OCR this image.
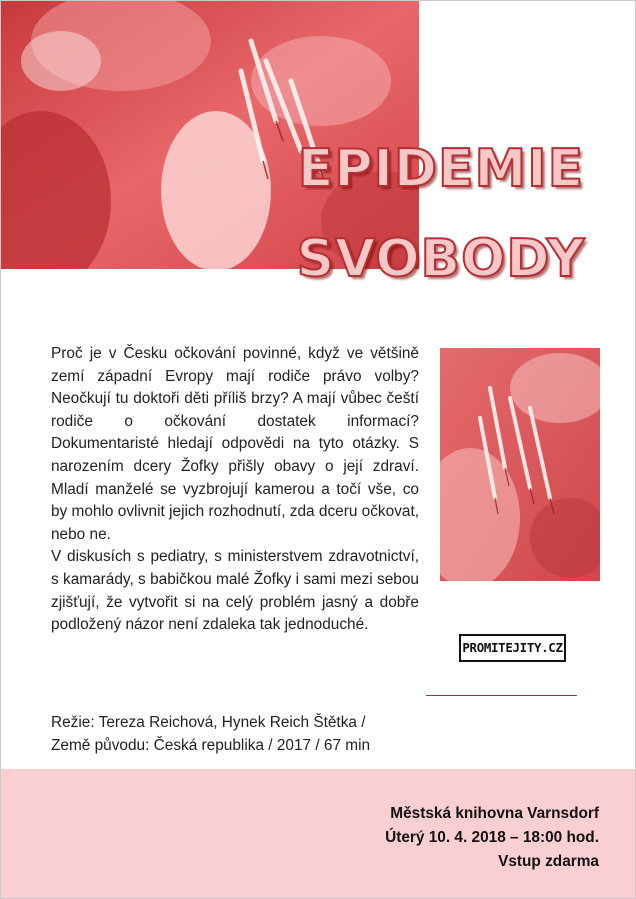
EPIDEMIE
SVOBODY

Proč je v Česku očkování povinné, když ve většině zemí západní Evropy mají rodiče právo volby? Neočkují tu doktoři děti příliš brzy? A mají vůbec čeští rodiče o očkování dostatek informací? Dokumentaristé hledají odpovědi na tyto otázky. S narozením dcery Žofky přišly obavy o její zdraví. Mladí manželé se vyzbrojují kamerou a točí vše, co by mohlo ovlivnit jejich rozhodnutí, zda dceru očkovat, nebo ne.

V diskusích s pediatry, s ministerstvem zdravotnictví, s kamarády, s babičkou malé Žofky i sami mezi sebou zjišťují, že vytvořit si na celý problém jasný a dobře podložený názor není zdaleka tak jednoduché.

PROMITEJITY.CZ
Režie: Tereza Reichová, Hynek Reich Štětka /
Země původu: Česká republika / 2017 / 67 min
Městská knihovna Varnsdorf
Úterý 10. 4. 2018 – 18:00 hod.
Vstup zdarma
